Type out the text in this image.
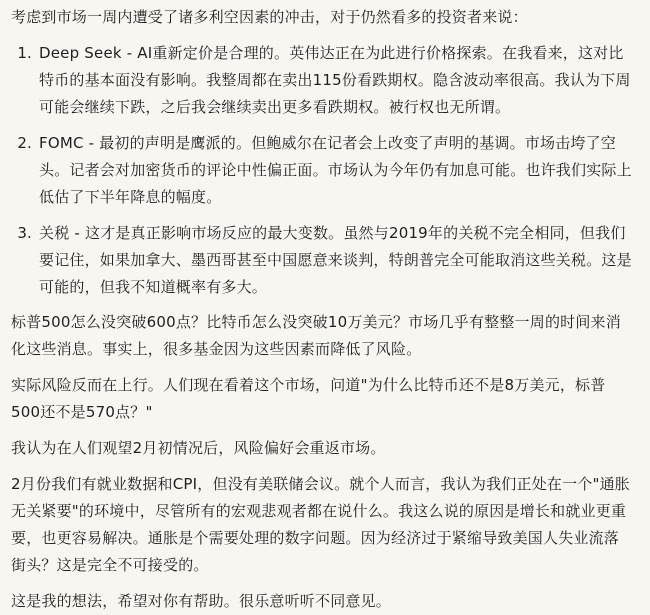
考虑到市场一周内遭受了诸多利空因素的冲击，对于仍然看多的投资者来说：

1. Deep Seek - AI重新定价是合理的。英伟达正在为此进行价格探索。在我看来，这对比特币的基本面没有影响。我整周都在卖出115份看跌期权。隐含波动率很高。我认为下周可能会继续下跌，之后我会继续卖出更多看跌期权。被行权也无所谓。
2. FOMC - 最初的声明是鹰派的。但鲍威尔在记者会上改变了声明的基调。市场击垮了空头。记者会对加密货币的评论中性偏正面。市场认为今年仍有加息可能。也许我们实际上低估了下半年降息的幅度。
3. 关税 - 这才是真正影响市场反应的最大变数。虽然与2019年的关税不完全相同，但我们要记住，如果加拿大、墨西哥甚至中国愿意来谈判，特朗普完全可能取消这些关税。这是可能的，但我不知道概率有多大。

标普500怎么没突破600点？比特币怎么没突破10万美元？市场几乎有整整一周的时间来消化这些消息。事实上，很多基金因为这些因素而降低了风险。

实际风险反而在上行。人们现在看着这个市场，问道"为什么比特币还不是8万美元，标普500还不是570点？"

我认为在人们观望2月初情况后，风险偏好会重返市场。

2月份我们有就业数据和CPI，但没有美联储会议。就个人而言，我认为我们正处在一个"通胀无关紧要"的环境中，尽管所有的宏观悲观者都在说什么。我这么说的原因是增长和就业更重要，也更容易解决。通胀是个需要处理的数字问题。因为经济过于紧缩导致美国人失业流落街头？这是完全不可接受的。

这是我的想法，希望对你有帮助。很乐意听听不同意见。
